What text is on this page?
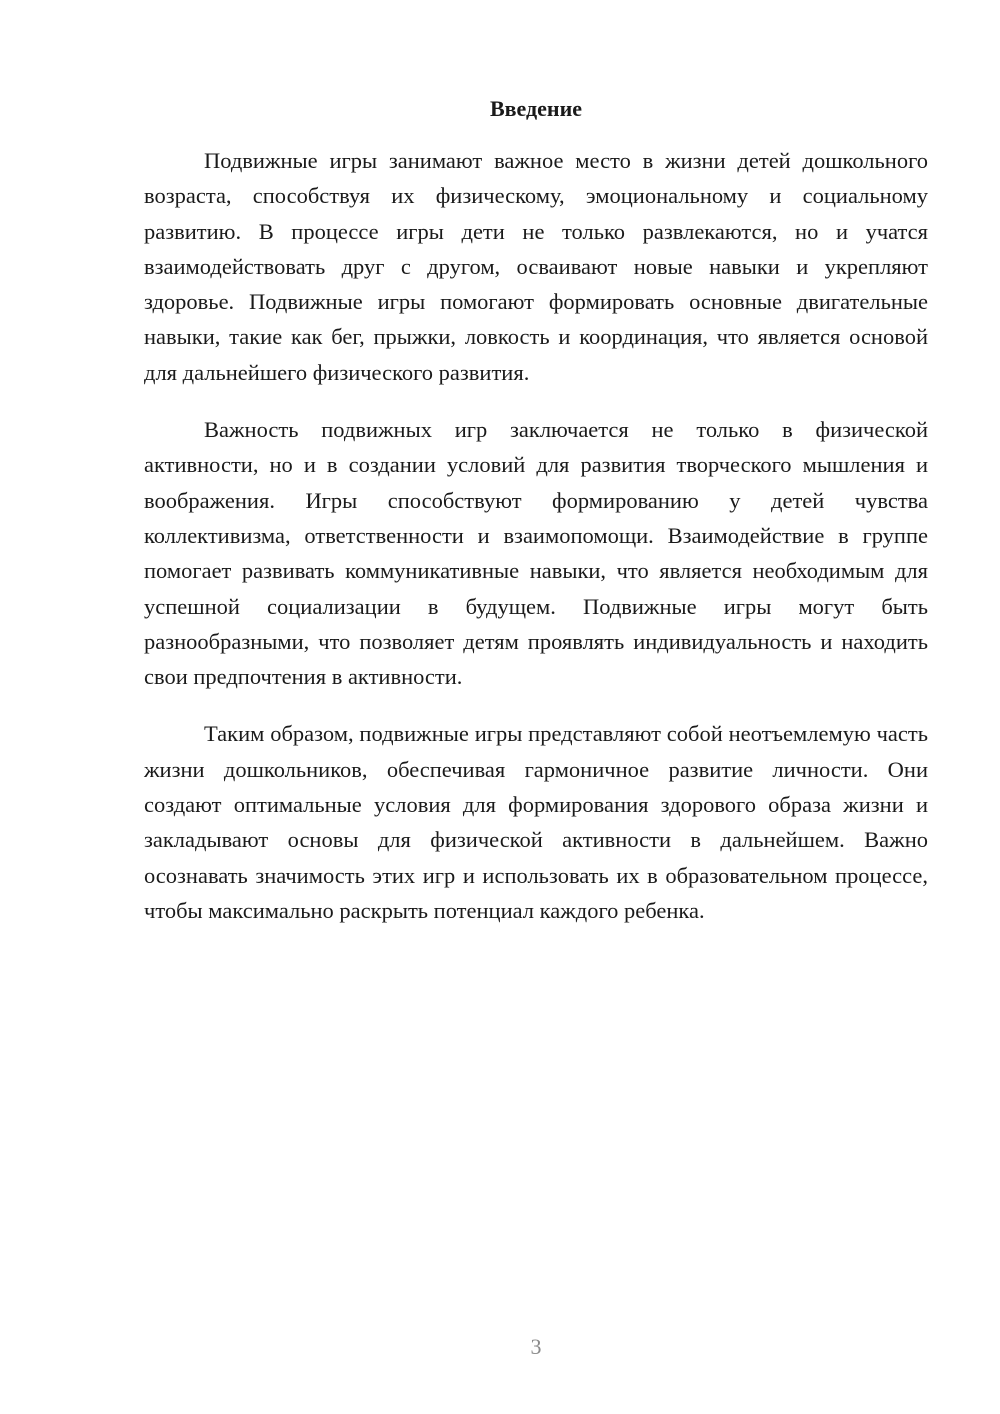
Введение

Подвижные игры занимают важное место в жизни детей дошкольного возраста, способствуя их физическому, эмоциональному и социальному развитию. В процессе игры дети не только развлекаются, но и учатся взаимодействовать друг с другом, осваивают новые навыки и укрепляют здоровье. Подвижные игры помогают формировать основные двигательные навыки, такие как бег, прыжки, ловкость и координация, что является основой для дальнейшего физического развития.

Важность подвижных игр заключается не только в физической активности, но и в создании условий для развития творческого мышления и воображения. Игры способствуют формированию у детей чувства коллективизма, ответственности и взаимопомощи. Взаимодействие в группе помогает развивать коммуникативные навыки, что является необходимым для успешной социализации в будущем. Подвижные игры могут быть разнообразными, что позволяет детям проявлять индивидуальность и находить свои предпочтения в активности.

Таким образом, подвижные игры представляют собой неотъемлемую часть жизни дошкольников, обеспечивая гармоничное развитие личности. Они создают оптимальные условия для формирования здорового образа жизни и закладывают основы для физической активности в дальнейшем. Важно осознавать значимость этих игр и использовать их в образовательном процессе, чтобы максимально раскрыть потенциал каждого ребенка.

3
